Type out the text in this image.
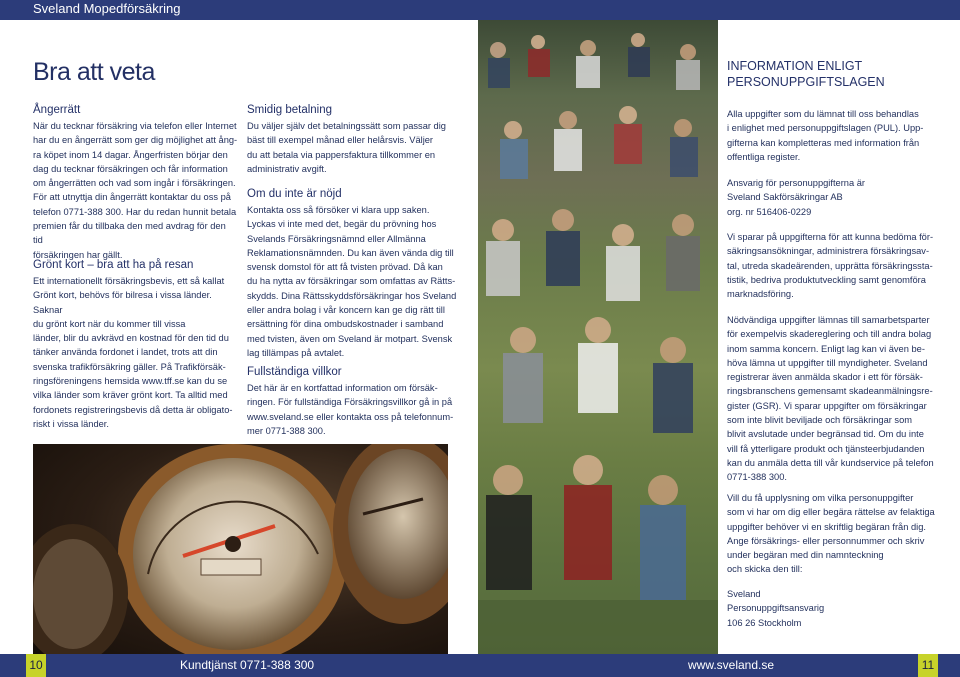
Sveland Mopedförsäkring
Bra att veta
Ångerrätt

När du tecknar försäkring via telefon eller Internet

har du en ångerrätt som ger dig möjlighet att ång-

ra köpet inom 14 dagar. Ångerfristen börjar den

dag du tecknar försäkringen och får information

om ångerrätten och vad som ingår i försäkringen.

För att utnyttja din ångerrätt kontaktar du oss på

telefon 0771-388 300. Har du redan hunnit betala

premien får du tillbaka den med avdrag för den tid

försäkringen har gällt.

Grönt kort – bra att ha på resan

Ett internationellt försäkringsbevis, ett så kallat

Grönt kort, behövs för bilresa i vissa länder. Saknar

du grönt kort när du kommer till vissa

länder, blir du avkrävd en kostnad för den tid du

tänker använda fordonet i landet, trots att din

svenska trafikförsäkring gäller. På Trafikförsäk-

ringsföreningens hemsida www.tff.se kan du se

vilka länder som kräver grönt kort. Ta alltid med

fordonets registreringsbevis då detta är obligato-

riskt i vissa länder.

Smidig betalning

Du väljer själv det betalningssätt som passar dig

bäst till exempel månad eller helårsvis. Väljer

du att betala via pappersfaktura tillkommer en

administrativ avgift.

Om du inte är nöjd

Kontakta oss så försöker vi klara upp saken.

Lyckas vi inte med det, begär du prövning hos

Svelands Försäkringsnämnd eller Allmänna

Reklamationsnämnden. Du kan även vända dig till

svensk domstol för att få tvisten prövad. Då kan

du ha nytta av försäkringar som omfattas av Rätts-

skydds. Dina Rättsskyddsförsäkringar hos Sveland

eller andra bolag i vår koncern kan ge dig rätt till

ersättning för dina ombudskostnader i samband

med tvisten, även om Sveland är motpart. Svensk

lag tillämpas på avtalet.

Fullständiga villkor

Det här är en kortfattad information om försäk-

ringen. För fullständiga Försäkringsvillkor gå in på

www.sveland.se eller kontakta oss på telefonnum-

mer 0771-388 300.

INFORMATION ENLIGT
PERSONUPPGIFTSLAGEN

Alla uppgifter som du lämnat till oss behandlas

i enlighet med personuppgiftslagen (PUL). Upp-

gifterna kan kompletteras med information från

offentliga register.

Ansvarig för personuppgifterna är

Sveland Sakförsäkringar AB

org. nr 516406-0229

Vi sparar på uppgifterna för att kunna bedöma för-

säkringsansökningar, administrera försäkringsav-

tal, utreda skadeärenden, upprätta försäkringssta-

tistik, bedriva produktutveckling samt genomföra

marknadsföring.

Nödvändiga uppgifter lämnas till samarbetsparter

för exempelvis skadereglering och till andra bolag

inom samma koncern. Enligt lag kan vi även be-

höva lämna ut uppgifter till myndigheter. Sveland

registrerar även anmälda skador i ett för försäk-

ringsbranschens gemensamt skadeanmälningsre-

gister (GSR). Vi sparar uppgifter om försäkringar

som inte blivit beviljade och försäkringar som

blivit avslutade under begränsad tid. Om du inte

vill få ytterligare produkt och tjänsteerbjudanden

kan du anmäla detta till vår kundservice på telefon

0771-388 300.

Vill du få upplysning om vilka personuppgifter

som vi har om dig eller begära rättelse av felaktiga

uppgifter behöver vi en skriftlig begäran från dig.

Ange försäkrings- eller personnummer och skriv

under begäran med din namnteckning

och skicka den till:

Sveland

Personuppgiftsansvarig

106 26 Stockholm

Kundtjänst 0771-388 300	www.sveland.se
10	11
